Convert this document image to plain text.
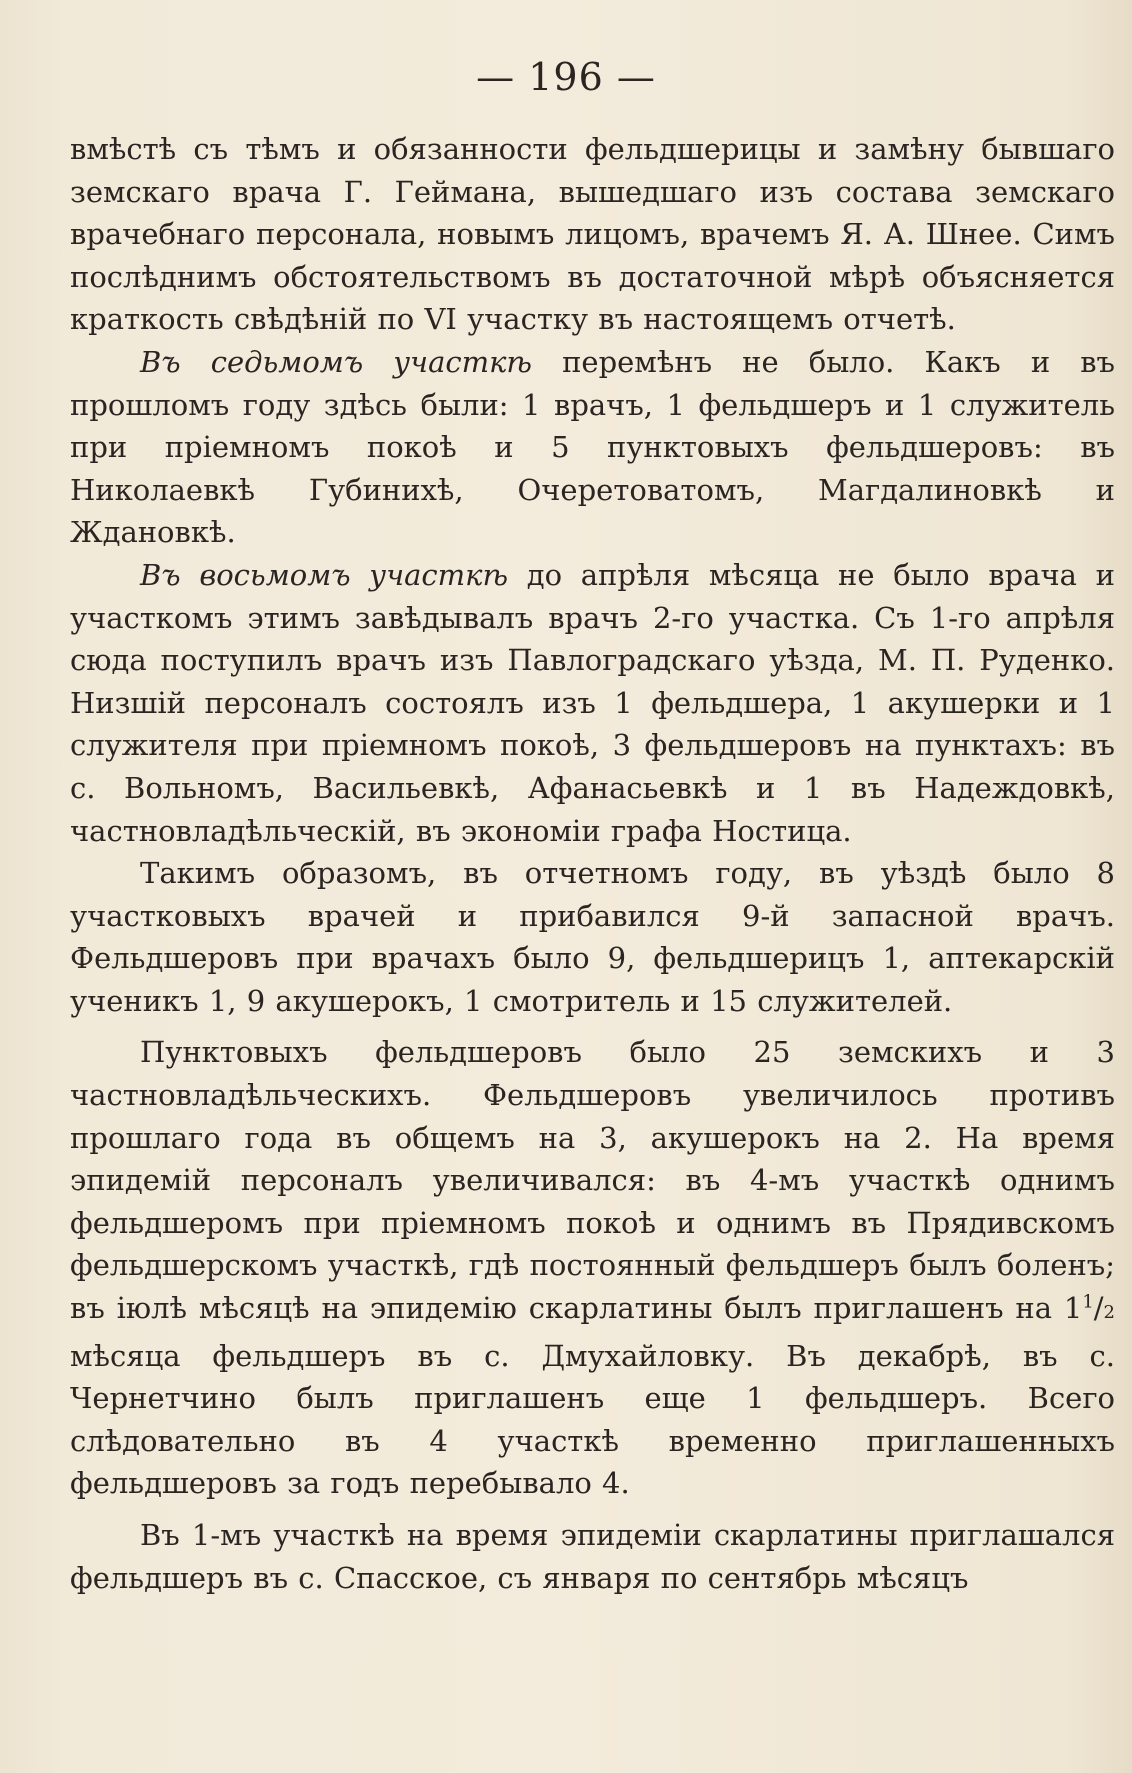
— 196 —

вмѣстѣ съ тѣмъ и обязанности фельдшерицы и замѣну бывшаго земскаго врача Г. Геймана, вышедшаго изъ состава земскаго врачебнаго персонала, новымъ лицомъ, врачемъ Я. А. Шнее. Симъ послѣднимъ обстоятельствомъ въ достаточной мѣрѣ объясняется краткость свѣдѣній по VI участку въ настоящемъ отчетѣ.

Въ седьмомъ участкѣ перемѣнъ не было. Какъ и въ прошломъ году здѣсь были: 1 врачъ, 1 фельдшеръ и 1 служитель при пріемномъ покоѣ и 5 пунктовыхъ фельдшеровъ: въ Николаевкѣ Губинихѣ, Очеретоватомъ, Магдалиновкѣ и Ждановкѣ.

Въ восьмомъ участкѣ до апрѣля мѣсяца не было врача и участкомъ этимъ завѣдывалъ врачъ 2-го участка. Съ 1-го апрѣля сюда поступилъ врачъ изъ Павлоградскаго уѣзда, М. П. Руденко. Низшій персоналъ состоялъ изъ 1 фельдшера, 1 акушерки и 1 служителя при пріемномъ покоѣ, 3 фельдшеровъ на пунктахъ: въ с. Вольномъ, Васильевкѣ, Афанасьевкѣ и 1 въ Надеждовкѣ, частновладѣльческій, въ экономіи графа Ностица.

Такимъ образомъ, въ отчетномъ году, въ уѣздѣ было 8 участковыхъ врачей и прибавился 9-й запасной врачъ. Фельдшеровъ при врачахъ было 9, фельдшерицъ 1, аптекарскій ученикъ 1, 9 акушерокъ, 1 смотритель и 15 служителей.

Пунктовыхъ фельдшеровъ было 25 земскихъ и 3 частновладѣльческихъ. Фельдшеровъ увеличилось противъ прошлаго года въ общемъ на 3, акушерокъ на 2. На время эпидемій персоналъ увеличивался: въ 4-мъ участкѣ однимъ фельдшеромъ при пріемномъ покоѣ и однимъ въ Прядивскомъ фельдшерскомъ участкѣ, гдѣ постоянный фельдшеръ былъ боленъ; въ іюлѣ мѣсяцѣ на эпидемію скарлатины былъ приглашенъ на $1^1/2$ мѣсяца фельдшеръ въ с. Дмухайловку. Въ декабрѣ, въ с. Чернетчино былъ приглашенъ еще 1 фельдшеръ. Всего слѣдовательно въ 4 участкѣ временно приглашенныхъ фельдшеровъ за годъ перебывало 4.

Въ 1-мъ участкѣ на время эпидеміи скарлатины приглашался фельдшеръ въ с. Спасское, съ января по сентябрь мѣсяцъ
